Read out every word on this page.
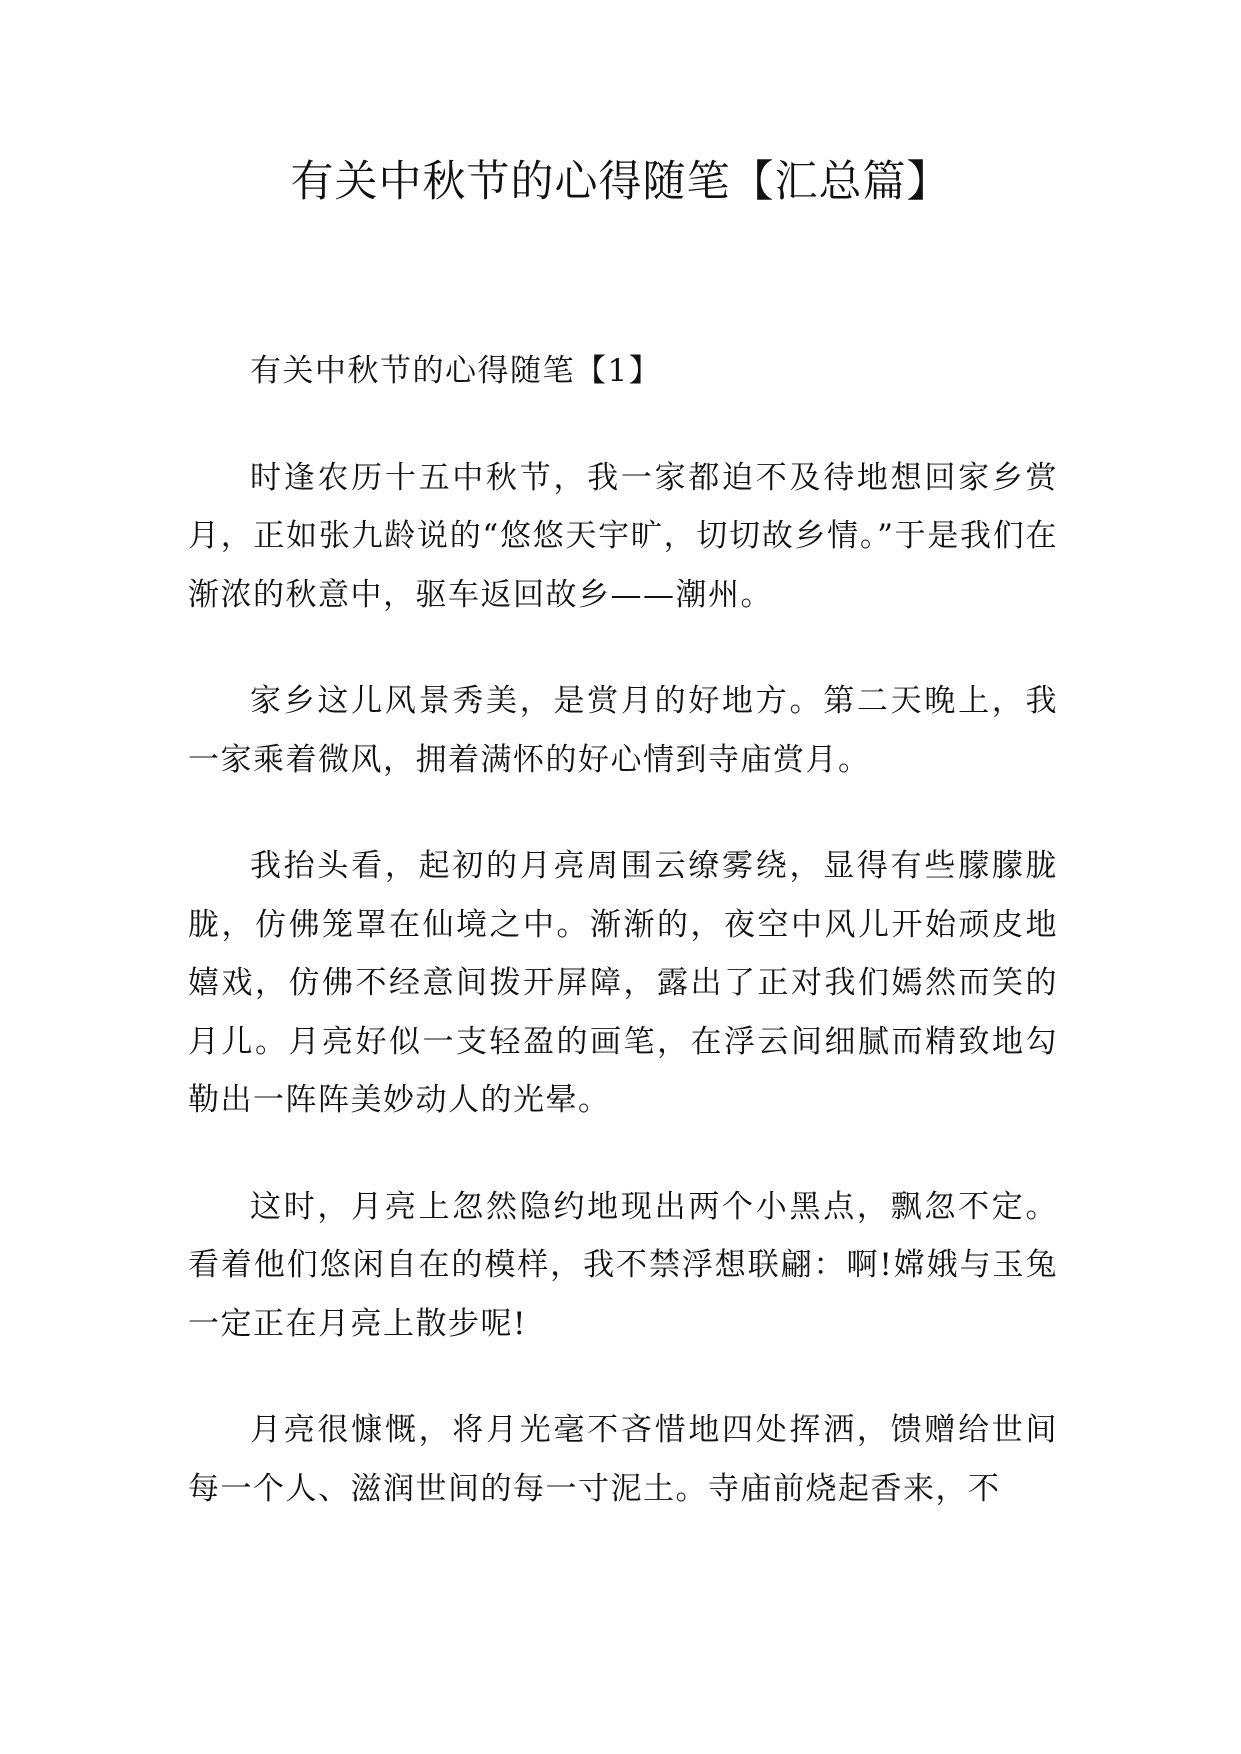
有关中秋节的心得随笔【汇总篇】
有关中秋节的心得随笔【1】

时逢农历十五中秋节，我一家都迫不及待地想回家乡赏月，正如张九龄说的“悠悠天宇旷，切切故乡情。”于是我们在渐浓的秋意中，驱车返回故乡——潮州。

家乡这儿风景秀美，是赏月的好地方。第二天晚上，我一家乘着微风，拥着满怀的好心情到寺庙赏月。

我抬头看，起初的月亮周围云缭雾绕，显得有些朦朦胧胧，仿佛笼罩在仙境之中。渐渐的，夜空中风儿开始顽皮地嬉戏，仿佛不经意间拨开屏障，露出了正对我们嫣然而笑的月儿。月亮好似一支轻盈的画笔，在浮云间细腻而精致地勾勒出一阵阵美妙动人的光晕。

这时，月亮上忽然隐约地现出两个小黑点，飘忽不定。看着他们悠闲自在的模样，我不禁浮想联翩：啊!嫦娥与玉兔一定正在月亮上散步呢!

月亮很慷慨，将月光毫不吝惜地四处挥洒，馈赠给世间每一个人、滋润世间的每一寸泥土。寺庙前烧起香来，不
